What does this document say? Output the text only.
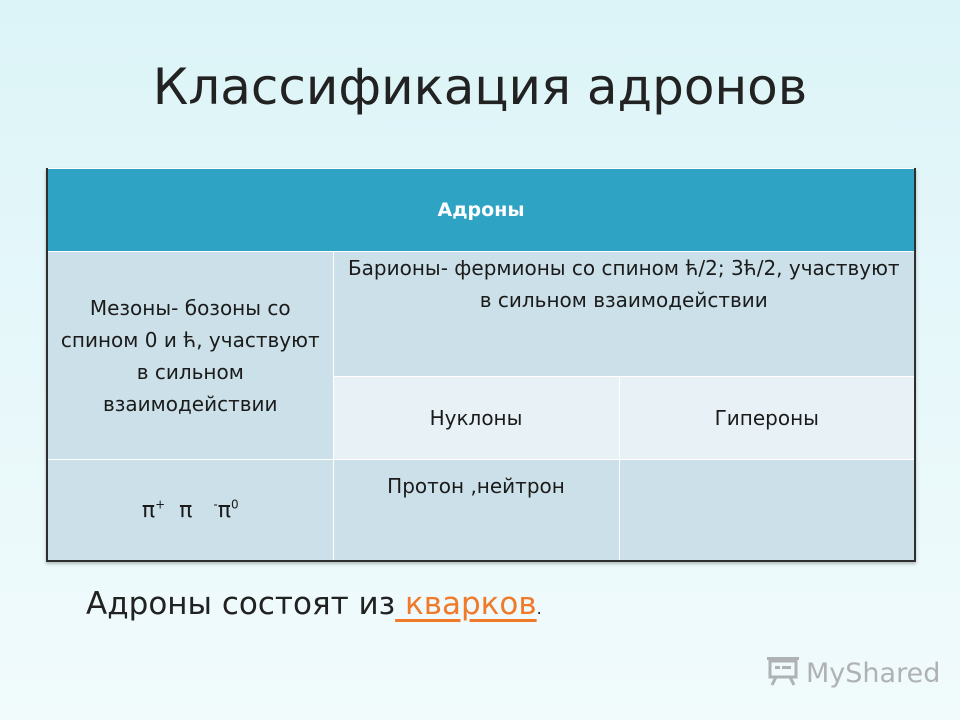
Классификация адронов
Адроны		
Мезоны- бозоны со спином 0 и ћ, участвуют в сильном взаимодействии	Барионы- фермионы со спином ћ/2; 3ћ/2, участвуют в сильном взаимодействии	
	Нуклоны	Гипероны
π+ π $^-\pi^0$	Протон ,нейтрон	
Адроны состоят из кварков.
MyShared
